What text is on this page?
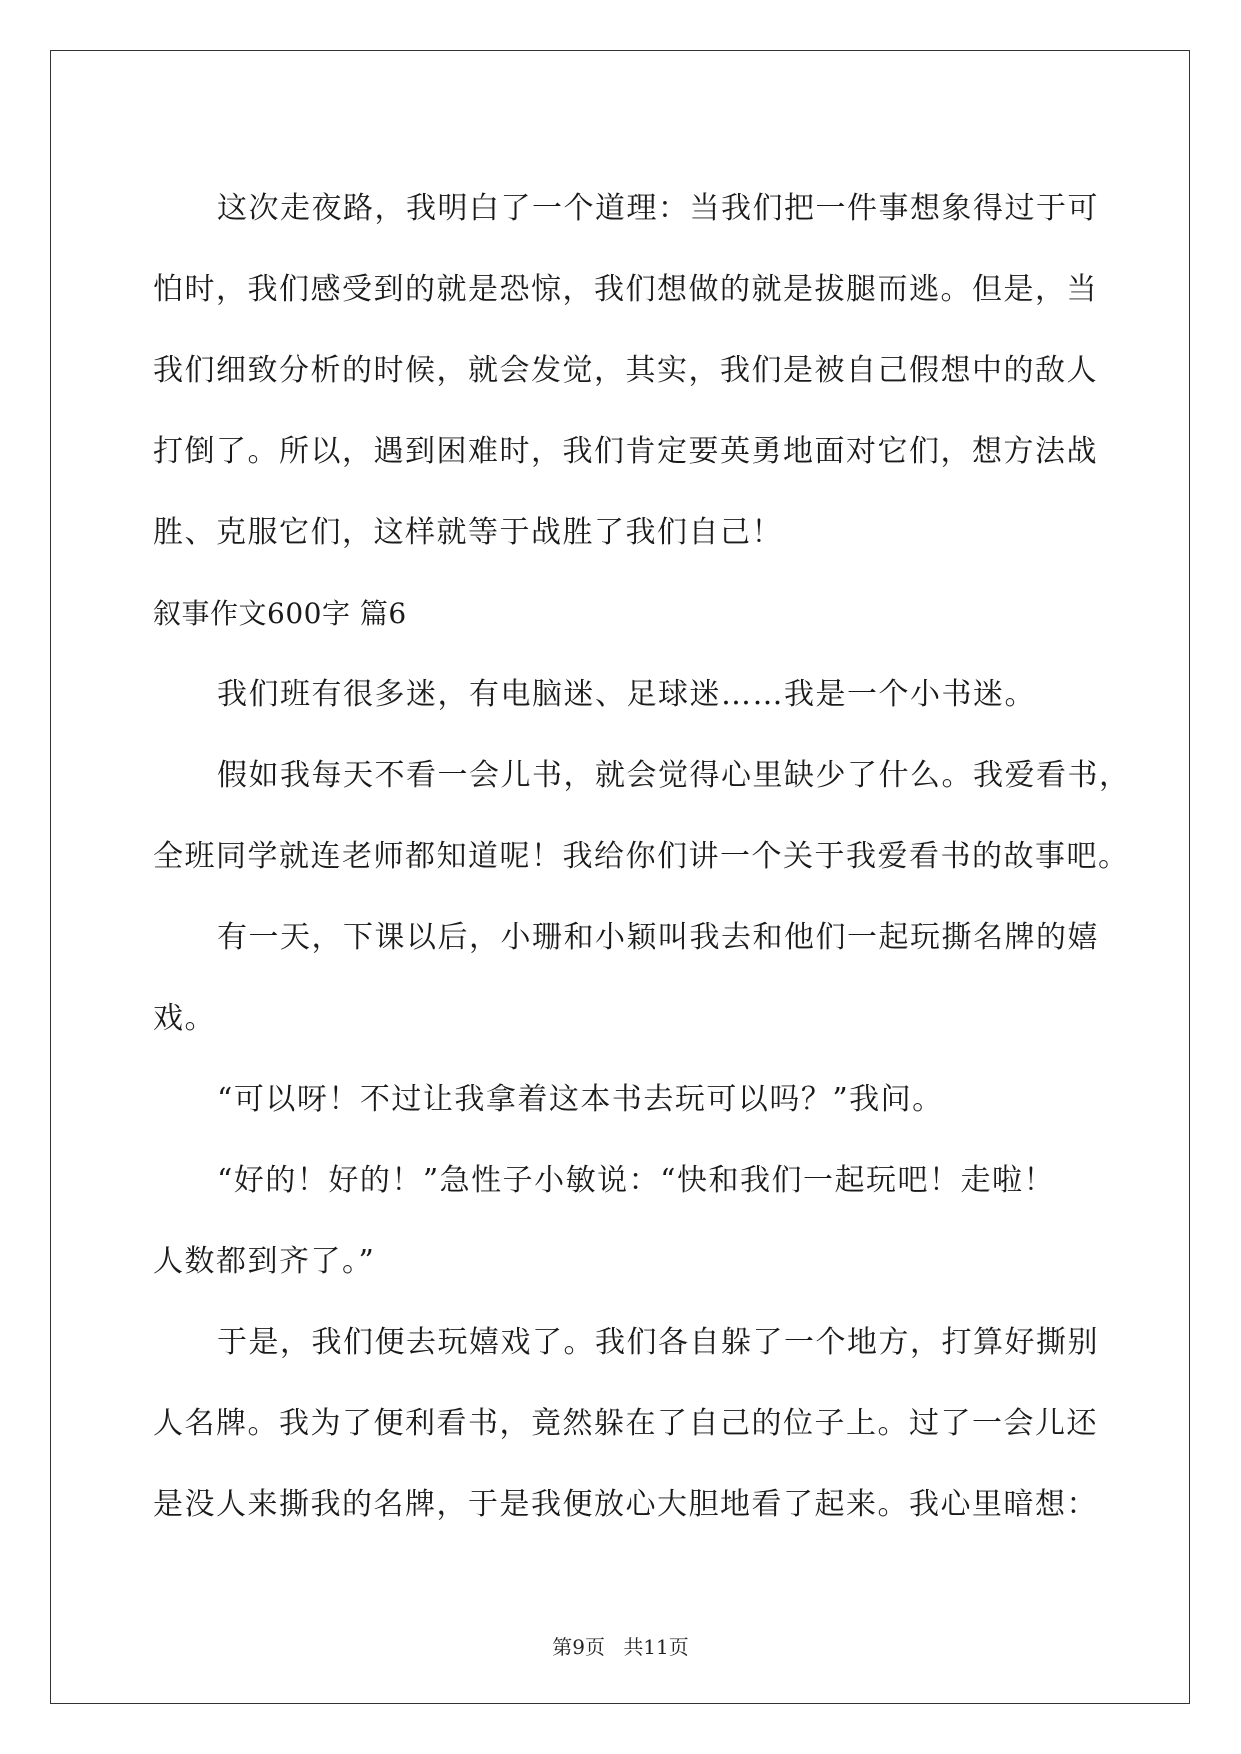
这次走夜路，我明白了一个道理：当我们把一件事想象得过于可
怕时，我们感受到的就是恐惊，我们想做的就是拔腿而逃。但是，当
我们细致分析的时候，就会发觉，其实，我们是被自己假想中的敌人
打倒了。所以，遇到困难时，我们肯定要英勇地面对它们，想方法战
胜、克服它们，这样就等于战胜了我们自己！
叙事作文600字 篇6
我们班有很多迷，有电脑迷、足球迷……我是一个小书迷。
假如我每天不看一会儿书，就会觉得心里缺少了什么。我爱看书，
全班同学就连老师都知道呢！我给你们讲一个关于我爱看书的故事吧。
有一天，下课以后，小珊和小颖叫我去和他们一起玩撕名牌的嬉
戏。
“可以呀！不过让我拿着这本书去玩可以吗？”我问。
“好的！好的！”急性子小敏说：“快和我们一起玩吧！走啦！
人数都到齐了。”
于是，我们便去玩嬉戏了。我们各自躲了一个地方，打算好撕别
人名牌。我为了便利看书，竟然躲在了自己的位子上。过了一会儿还
是没人来撕我的名牌，于是我便放心大胆地看了起来。我心里暗想：
第9页 共11页
